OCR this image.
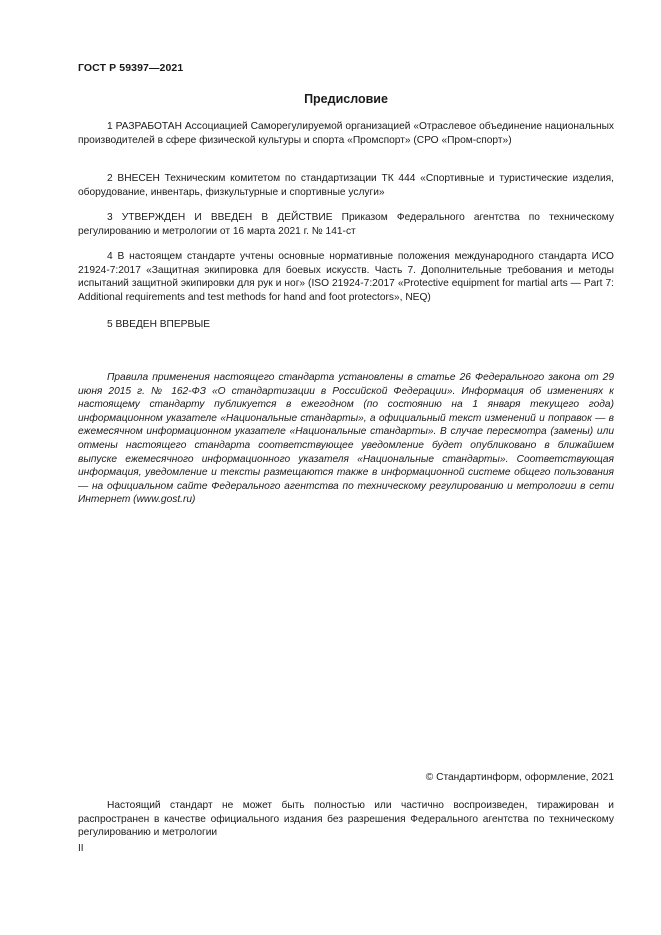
ГОСТ Р 59397—2021
Предисловие
1 РАЗРАБОТАН Ассоциацией Саморегулируемой организацией «Отраслевое объединение национальных производителей в сфере физической культуры и спорта «Промспорт» (СРО «Пром-спорт»)
2 ВНЕСЕН Техническим комитетом по стандартизации ТК 444 «Спортивные и туристические изделия, оборудование, инвентарь, физкультурные и спортивные услуги»
3 УТВЕРЖДЕН И ВВЕДЕН В ДЕЙСТВИЕ Приказом Федерального агентства по техническому регулированию и метрологии от 16 марта 2021 г. № 141-ст
4 В настоящем стандарте учтены основные нормативные положения международного стандарта ИСО 21924-7:2017 «Защитная экипировка для боевых искусств. Часть 7. Дополнительные требования и методы испытаний защитной экипировки для рук и ног» (ISO 21924-7:2017 «Protective equipment for martial arts — Part 7: Additional requirements and test methods for hand and foot protectors», NEQ)
5 ВВЕДЕН ВПЕРВЫЕ
Правила применения настоящего стандарта установлены в статье 26 Федерального закона от 29 июня 2015 г. № 162-ФЗ «О стандартизации в Российской Федерации». Информация об изменениях к настоящему стандарту публикуется в ежегодном (по состоянию на 1 января текущего года) информационном указателе «Национальные стандарты», а официальный текст изменений и поправок — в ежемесячном информационном указателе «Национальные стандарты». В случае пересмотра (замены) или отмены настоящего стандарта соответствующее уведомление будет опубликовано в ближайшем выпуске ежемесячного информационного указателя «Национальные стандарты». Соответствующая информация, уведомление и тексты размещаются также в информационной системе общего пользования — на официальном сайте Федерального агентства по техническому регулированию и метрологии в сети Интернет (www.gost.ru)
© Стандартинформ, оформление, 2021
Настоящий стандарт не может быть полностью или частично воспроизведен, тиражирован и распространен в качестве официального издания без разрешения Федерального агентства по техническому регулированию и метрологии
II
